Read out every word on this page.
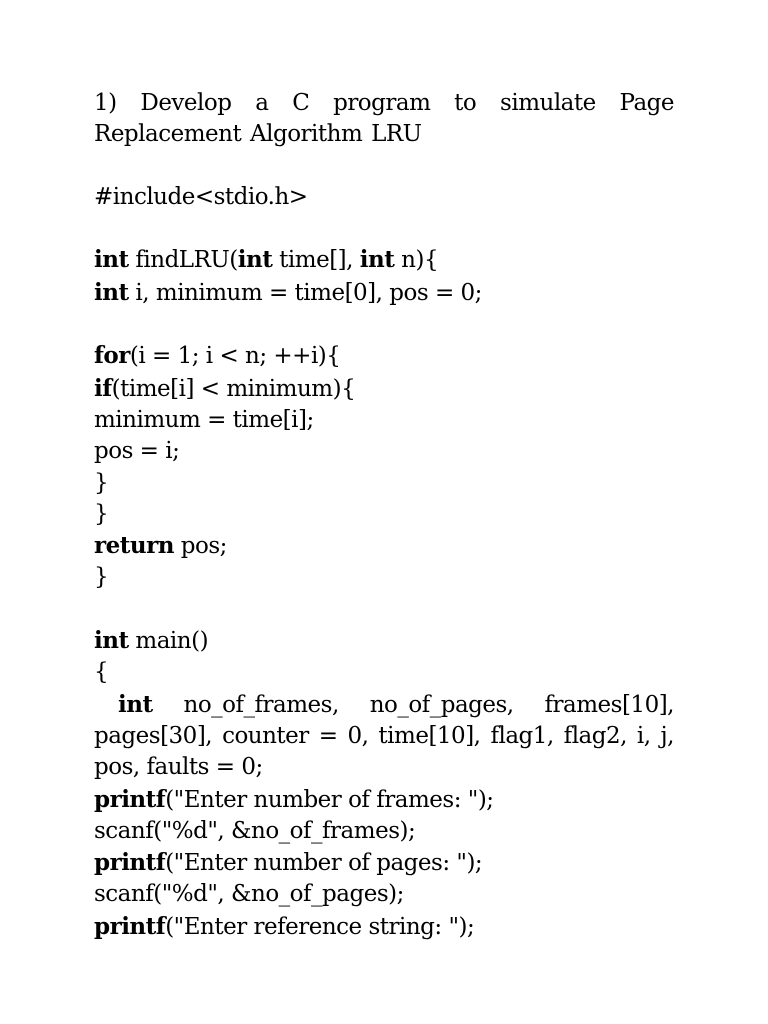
1) Develop a C program to simulate Page Replacement Algorithm LRU
#include<stdio.h>
int findLRU(int time[], int n){
int i, minimum = time[0], pos = 0;
for(i = 1; i < n; ++i){
if(time[i] < minimum){
minimum = time[i];
pos = i;
}
}
return pos;
}
int main()
{
int no_of_frames, no_of_pages, frames[10], pages[30], counter = 0, time[10], flag1, flag2, i, j, pos, faults = 0;
printf("Enter number of frames: ");
scanf("%d", &no_of_frames);
printf("Enter number of pages: ");
scanf("%d", &no_of_pages);
printf("Enter reference string: ");
